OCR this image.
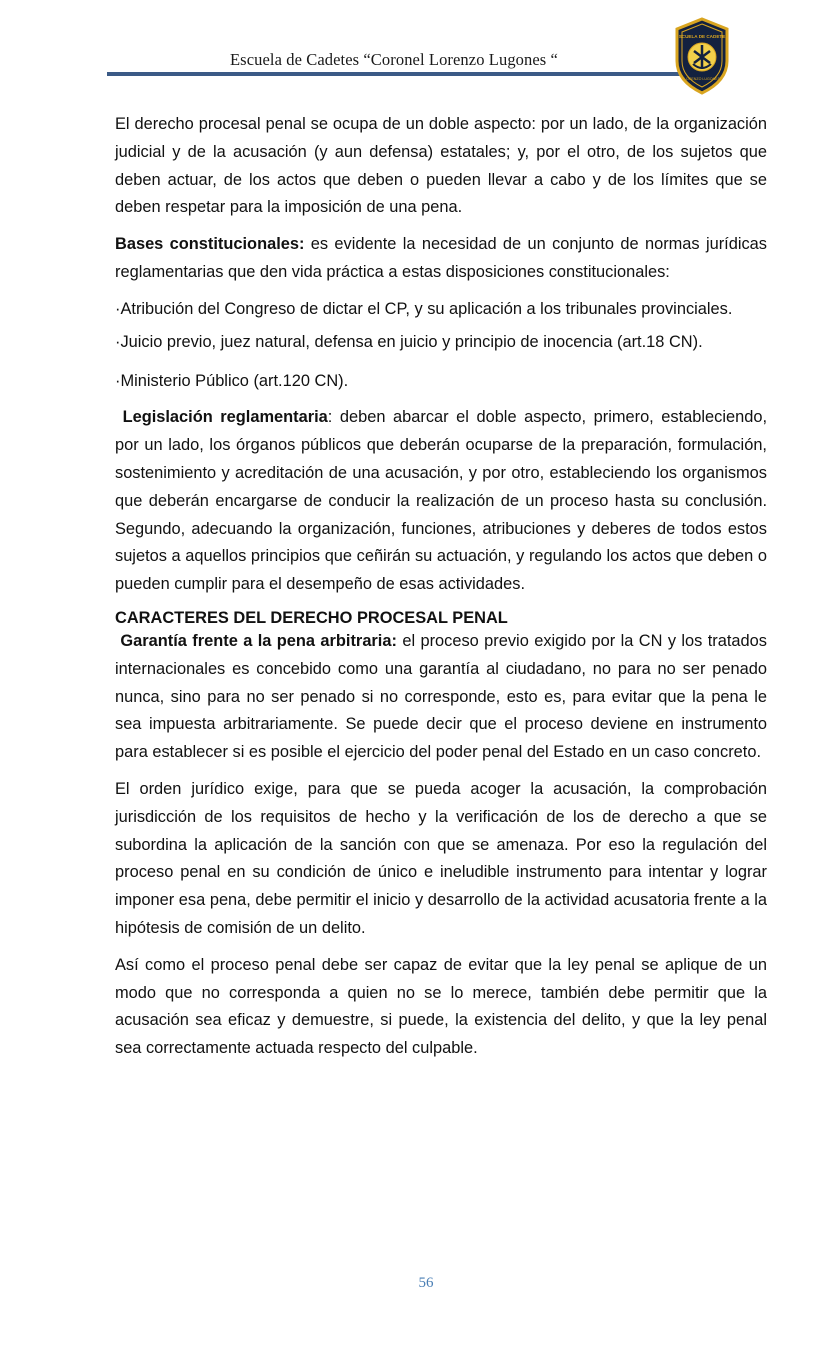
Escuela de Cadetes “Coronel Lorenzo Lugones “
ESCUELA DE CADETES
LORENZO LUGONES

El derecho procesal penal se ocupa de un doble aspecto: por un lado, de la organización judicial y de la acusación (y aun defensa) estatales; y, por el otro, de los sujetos que deben actuar, de los actos que deben o pueden llevar a cabo y de los límites que se deben respetar para la imposición de una pena.

Bases constitucionales: es evidente la necesidad de un conjunto de normas jurídicas reglamentarias que den vida práctica a estas disposiciones constitucionales:

·Atribución del Congreso de dictar el CP, y su aplicación a los tribunales provinciales.

·Juicio previo, juez natural, defensa en juicio y principio de inocencia (art.18 CN).

·Ministerio Público (art.120 CN).

Legislación reglamentaria: deben abarcar el doble aspecto, primero, estableciendo, por un lado, los órganos públicos que deberán ocuparse de la preparación, formulación, sostenimiento y acreditación de una acusación, y por otro, estableciendo los organismos que deberán encargarse de conducir la realización de un proceso hasta su conclusión. Segundo, adecuando la organización, funciones, atribuciones y deberes de todos estos sujetos a aquellos principios que ceñirán su actuación, y regulando los actos que deben o pueden cumplir para el desempeño de esas actividades.

CARACTERES DEL DERECHO PROCESAL PENAL

Garantía frente a la pena arbitraria: el proceso previo exigido por la CN y los tratados internacionales es concebido como una garantía al ciudadano, no para no ser penado nunca, sino para no ser penado si no corresponde, esto es, para evitar que la pena le sea impuesta arbitrariamente. Se puede decir que el proceso deviene en instrumento para establecer si es posible el ejercicio del poder penal del Estado en un caso concreto.

El orden jurídico exige, para que se pueda acoger la acusación, la comprobación jurisdicción de los requisitos de hecho y la verificación de los de derecho a que se subordina la aplicación de la sanción con que se amenaza. Por eso la regulación del proceso penal en su condición de único e ineludible instrumento para intentar y lograr imponer esa pena, debe permitir el inicio y desarrollo de la actividad acusatoria frente a la hipótesis de comisión de un delito.

Así como el proceso penal debe ser capaz de evitar que la ley penal se aplique de un modo que no corresponda a quien no se lo merece, también debe permitir que la acusación sea eficaz y demuestre, si puede, la existencia del delito, y que la ley penal sea correctamente actuada respecto del culpable.

56
